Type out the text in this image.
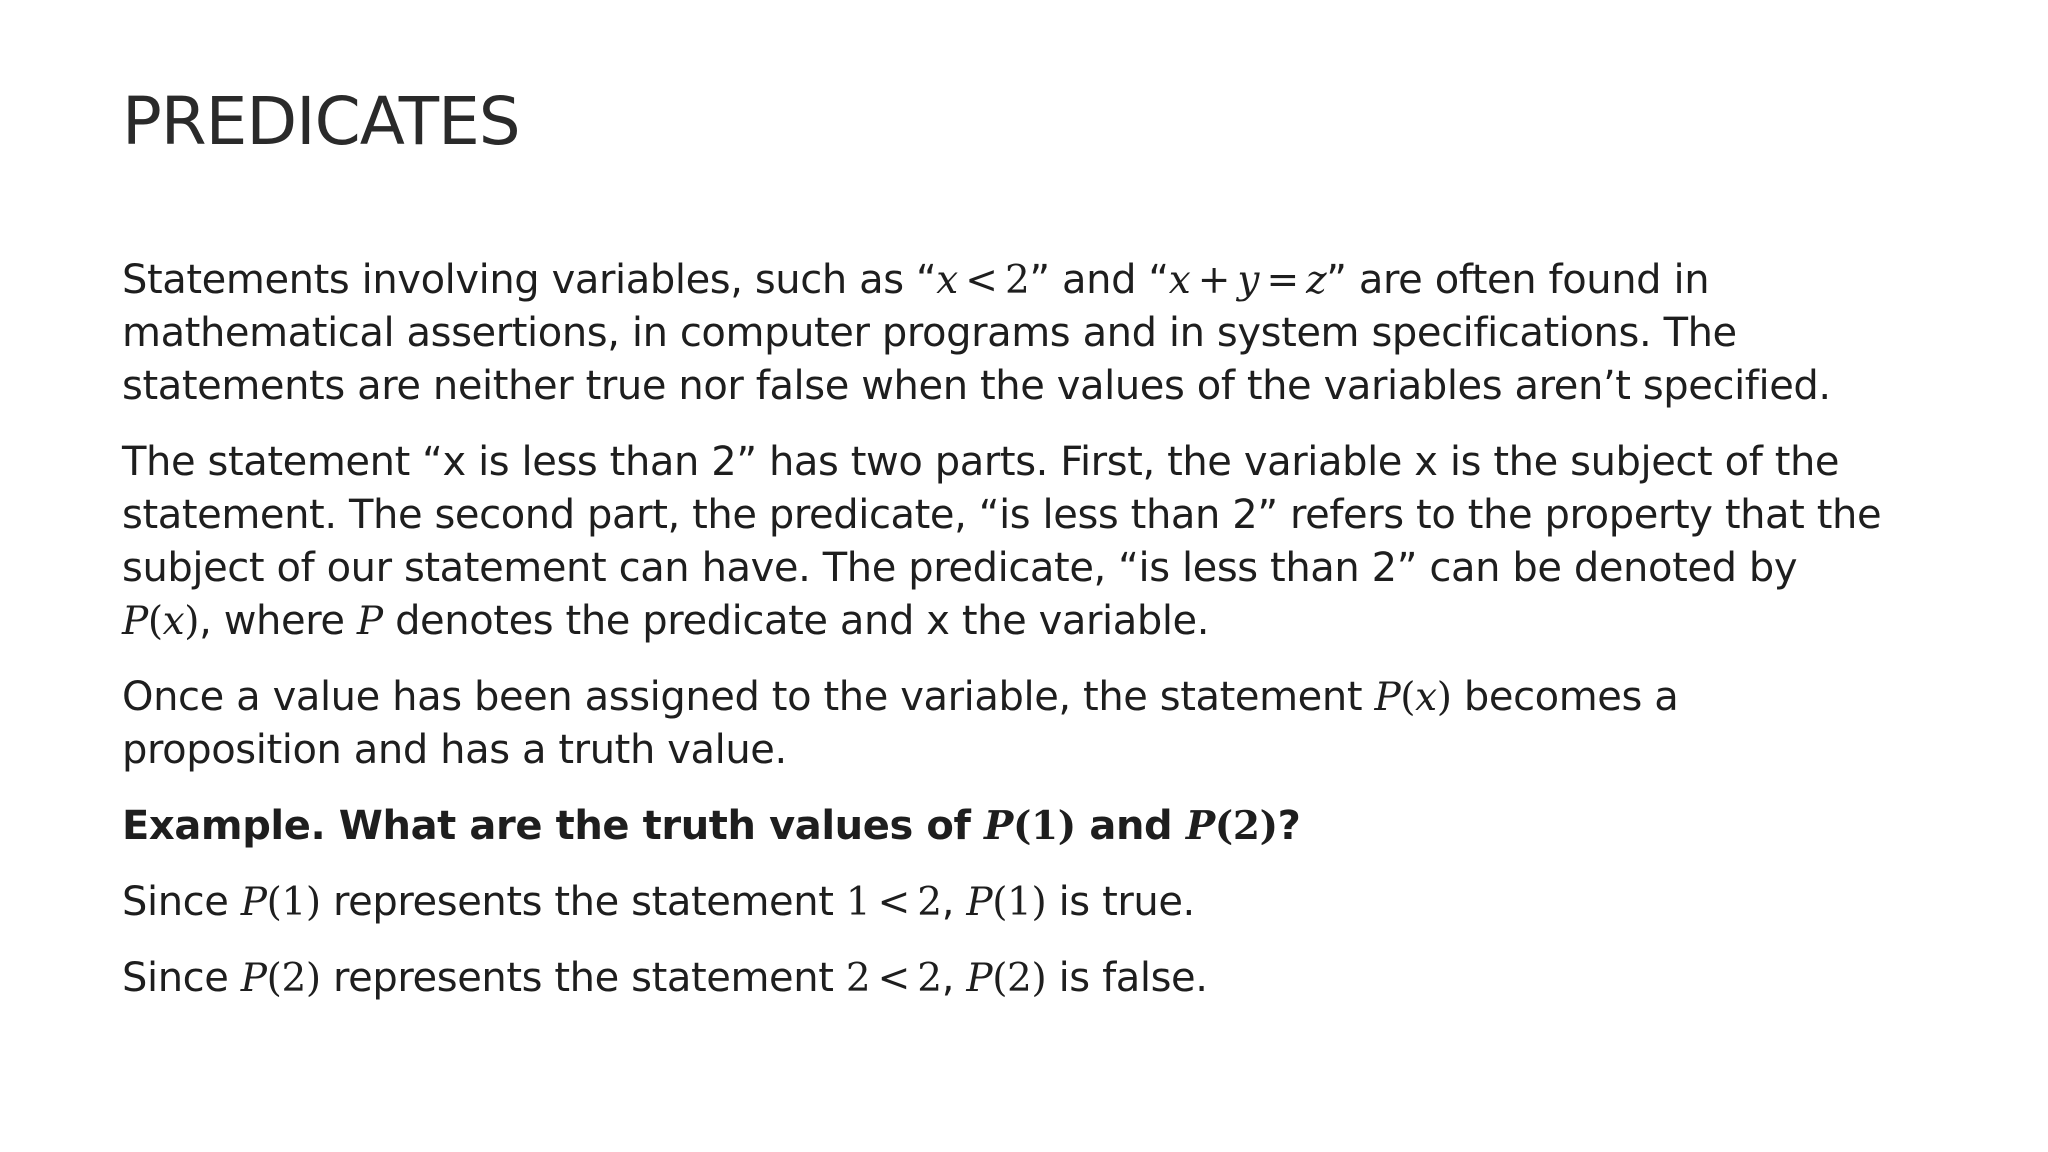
PREDICATES

Statements involving variables, such as “x  <  2” and “x  +  y  =  z” are often found in mathematical assertions, in computer programs and in system specifications. The statements are neither true nor false when the values of the variables aren’t specified.

The statement “x is less than 2” has two parts. First, the variable x is the subject of the statement. The second part, the predicate, “is less than 2” refers to the property that the subject of our statement can have. The predicate, “is less than 2” can be denoted by P(x), where P denotes the predicate and x the variable.

Once a value has been assigned to the variable, the statement P(x) becomes a proposition and has a truth value.

Example. What are the truth values of P(1) and P(2)?

Since P(1) represents the statement 1  <  2, P(1) is true.

Since P(2) represents the statement 2  <  2, P(2) is false.
